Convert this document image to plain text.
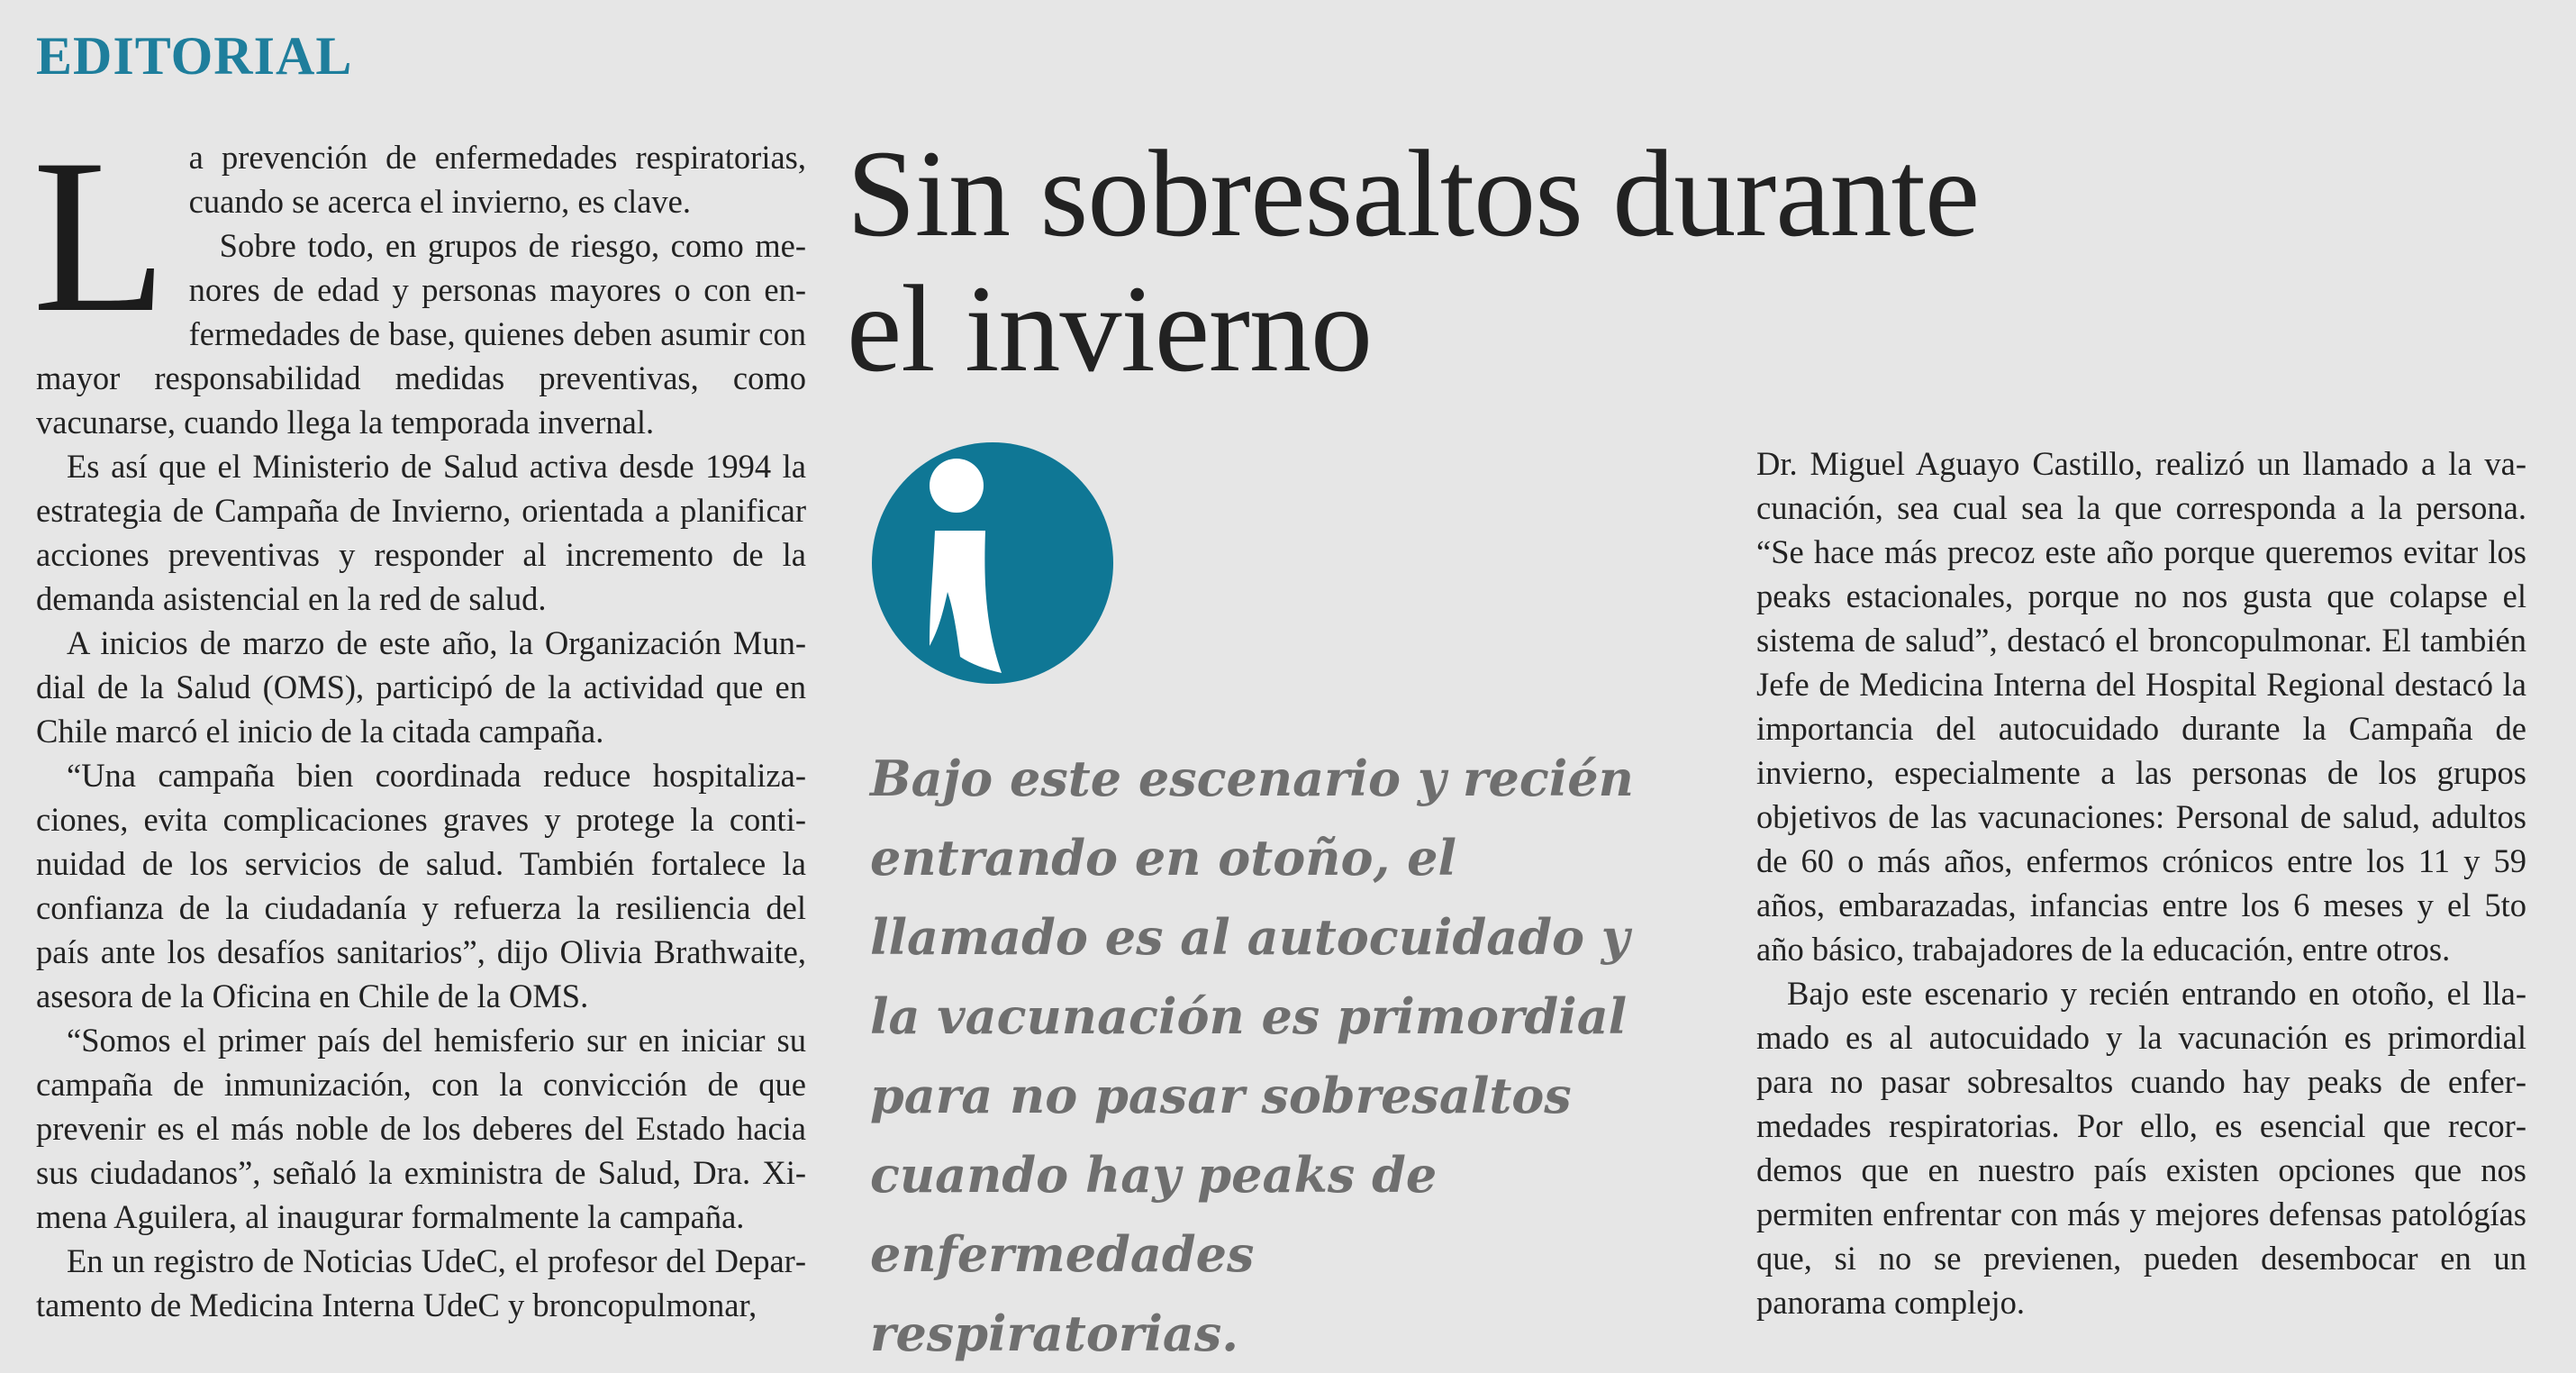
EDITORIAL

La prevención de enfermedades respiratorias, cuando se acerca el invierno, es clave.

Sobre todo, en grupos de riesgo, como menores de edad y personas mayores o con enfermedades de base, quienes deben asumir con mayor responsabilidad medidas preventivas, como vacunarse, cuando llega la temporada invernal.

Es así que el Ministerio de Salud activa desde 1994 la estrategia de Campaña de Invierno, orientada a planificar acciones preventivas y responder al incremento de la demanda asistencial en la red de salud.

A inicios de marzo de este año, la Organización Mundial de la Salud (OMS), participó de la actividad que en Chile marcó el inicio de la citada campaña.

“Una campaña bien coordinada reduce hospitalizaciones, evita complicaciones graves y protege la continuidad de los servicios de salud. También fortalece la confianza de la ciudadanía y refuerza la resiliencia del país ante los desafíos sanitarios”, dijo Olivia Brathwaite, asesora de la Oficina en Chile de la OMS.

“Somos el primer país del hemisferio sur en iniciar su campaña de inmunización, con la convicción de que prevenir es el más noble de los deberes del Estado hacia sus ciudadanos”, señaló la exministra de Salud, Dra. Ximena Aguilera, al inaugurar formalmente la campaña.

En un registro de Noticias UdeC, el profesor del Departamento de Medicina Interna UdeC y broncopulmonar,

Sin sobresaltos durante el invierno
Bajo este escenario y recién entrando en otoño, el llamado es al autocuidado y la vacunación es primordial para no pasar sobresaltos cuando hay peaks de enfermedades respiratorias.

Dr. Miguel Aguayo Castillo, realizó un llamado a la vacunación, sea cual sea la que corresponda a la persona. “Se hace más precoz este año porque queremos evitar los peaks estacionales, porque no nos gusta que colapse el sistema de salud”, destacó el broncopulmonar. El también Jefe de Medicina Interna del Hospital Regional destacó la importancia del autocuidado durante la Campaña de invierno, especialmente a las personas de los grupos objetivos de las vacunaciones: Personal de salud, adultos de 60 o más años, enfermos crónicos entre los 11 y 59 años, embarazadas, infancias entre los 6 meses y el 5to año básico, trabajadores de la educación, entre otros.

Bajo este escenario y recién entrando en otoño, el llamado es al autocuidado y la vacunación es primordial para no pasar sobresaltos cuando hay peaks de enfermedades respiratorias. Por ello, es esencial que recordemos que en nuestro país existen opciones que nos permiten enfrentar con más y mejores defensas patológías que, si no se previenen, pueden desembocar en un panorama complejo.
